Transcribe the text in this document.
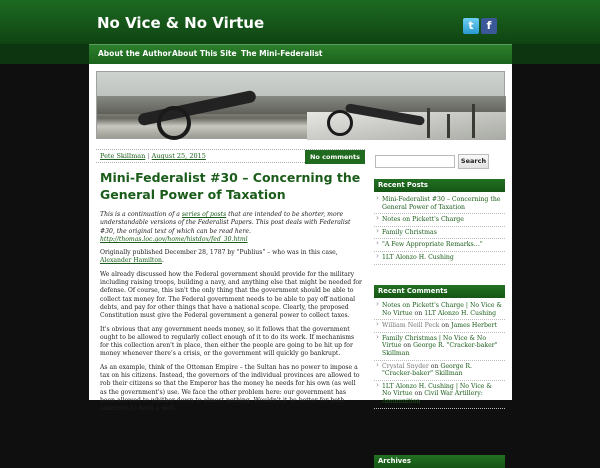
No Vice & No Virtue	t	f
About the Author About This Site The Mini-Federalist
Pete Skillman | August 25, 2015	No comments
Mini-Federalist #30 – Concerning the General Power of Taxation

This is a continuation of a series of posts that are intended to be shorter, more understandable versions of the Federalist Papers. This post deals with Federalist #30, the original text of which can be read here. http://thomas.loc.gov/home/histdox/fed_30.html

Originally published December 28, 1787 by "Publius" – who was in this case, Alexander Hamilton.

We already discussed how the Federal government should provide for the military including raising troops, building a navy, and anything else that might be needed for defense. Of course, this isn't the only thing that the government should be able to collect tax money for. The Federal government needs to be able to pay off national debts, and pay for other things that have a national scope. Clearly, the proposed Constitution must give the Federal government a general power to collect taxes.

It's obvious that any government needs money, so it follows that the government ought to be allowed to regularly collect enough of it to do its work. If mechanisms for this collection aren't in place, then either the people are going to be hit up for money whenever there's a crisis, or the government will quickly go bankrupt.

As an example, think of the Ottoman Empire – the Sultan has no power to impose a tax on his citizens. Instead, the governors of the individual provinces are allowed to rob their citizens so that the Emperor has the money he needs for his own (as well as the government's) use. We face the other problem here: our government has been allowed to whither down to almost nothing. Wouldn't it be better for both countries to have a well-

Search
Recent Posts
› Mini-Federalist #30 – Concerning the General Power of Taxation
› Notes on Pickett's Charge
› Family Christmas
› "A Few Appropriate Remarks…"
› 1LT Alonzo H. Cushing
Recent Comments
› Notes on Pickett's Charge | No Vice & No Virtue on 1LT Alonzo H. Cushing
› William Neill Peck on James Herbert
› Family Christmas | No Vice & No Virtue on George R. "Cracker-baker" Skillman
› Crystal Snyder on George R. "Cracker-baker" Skillman
› 1LT Alonzo H. Cushing | No Vice & No Virtue on Civil War Artillery: Ammunition
Archives
